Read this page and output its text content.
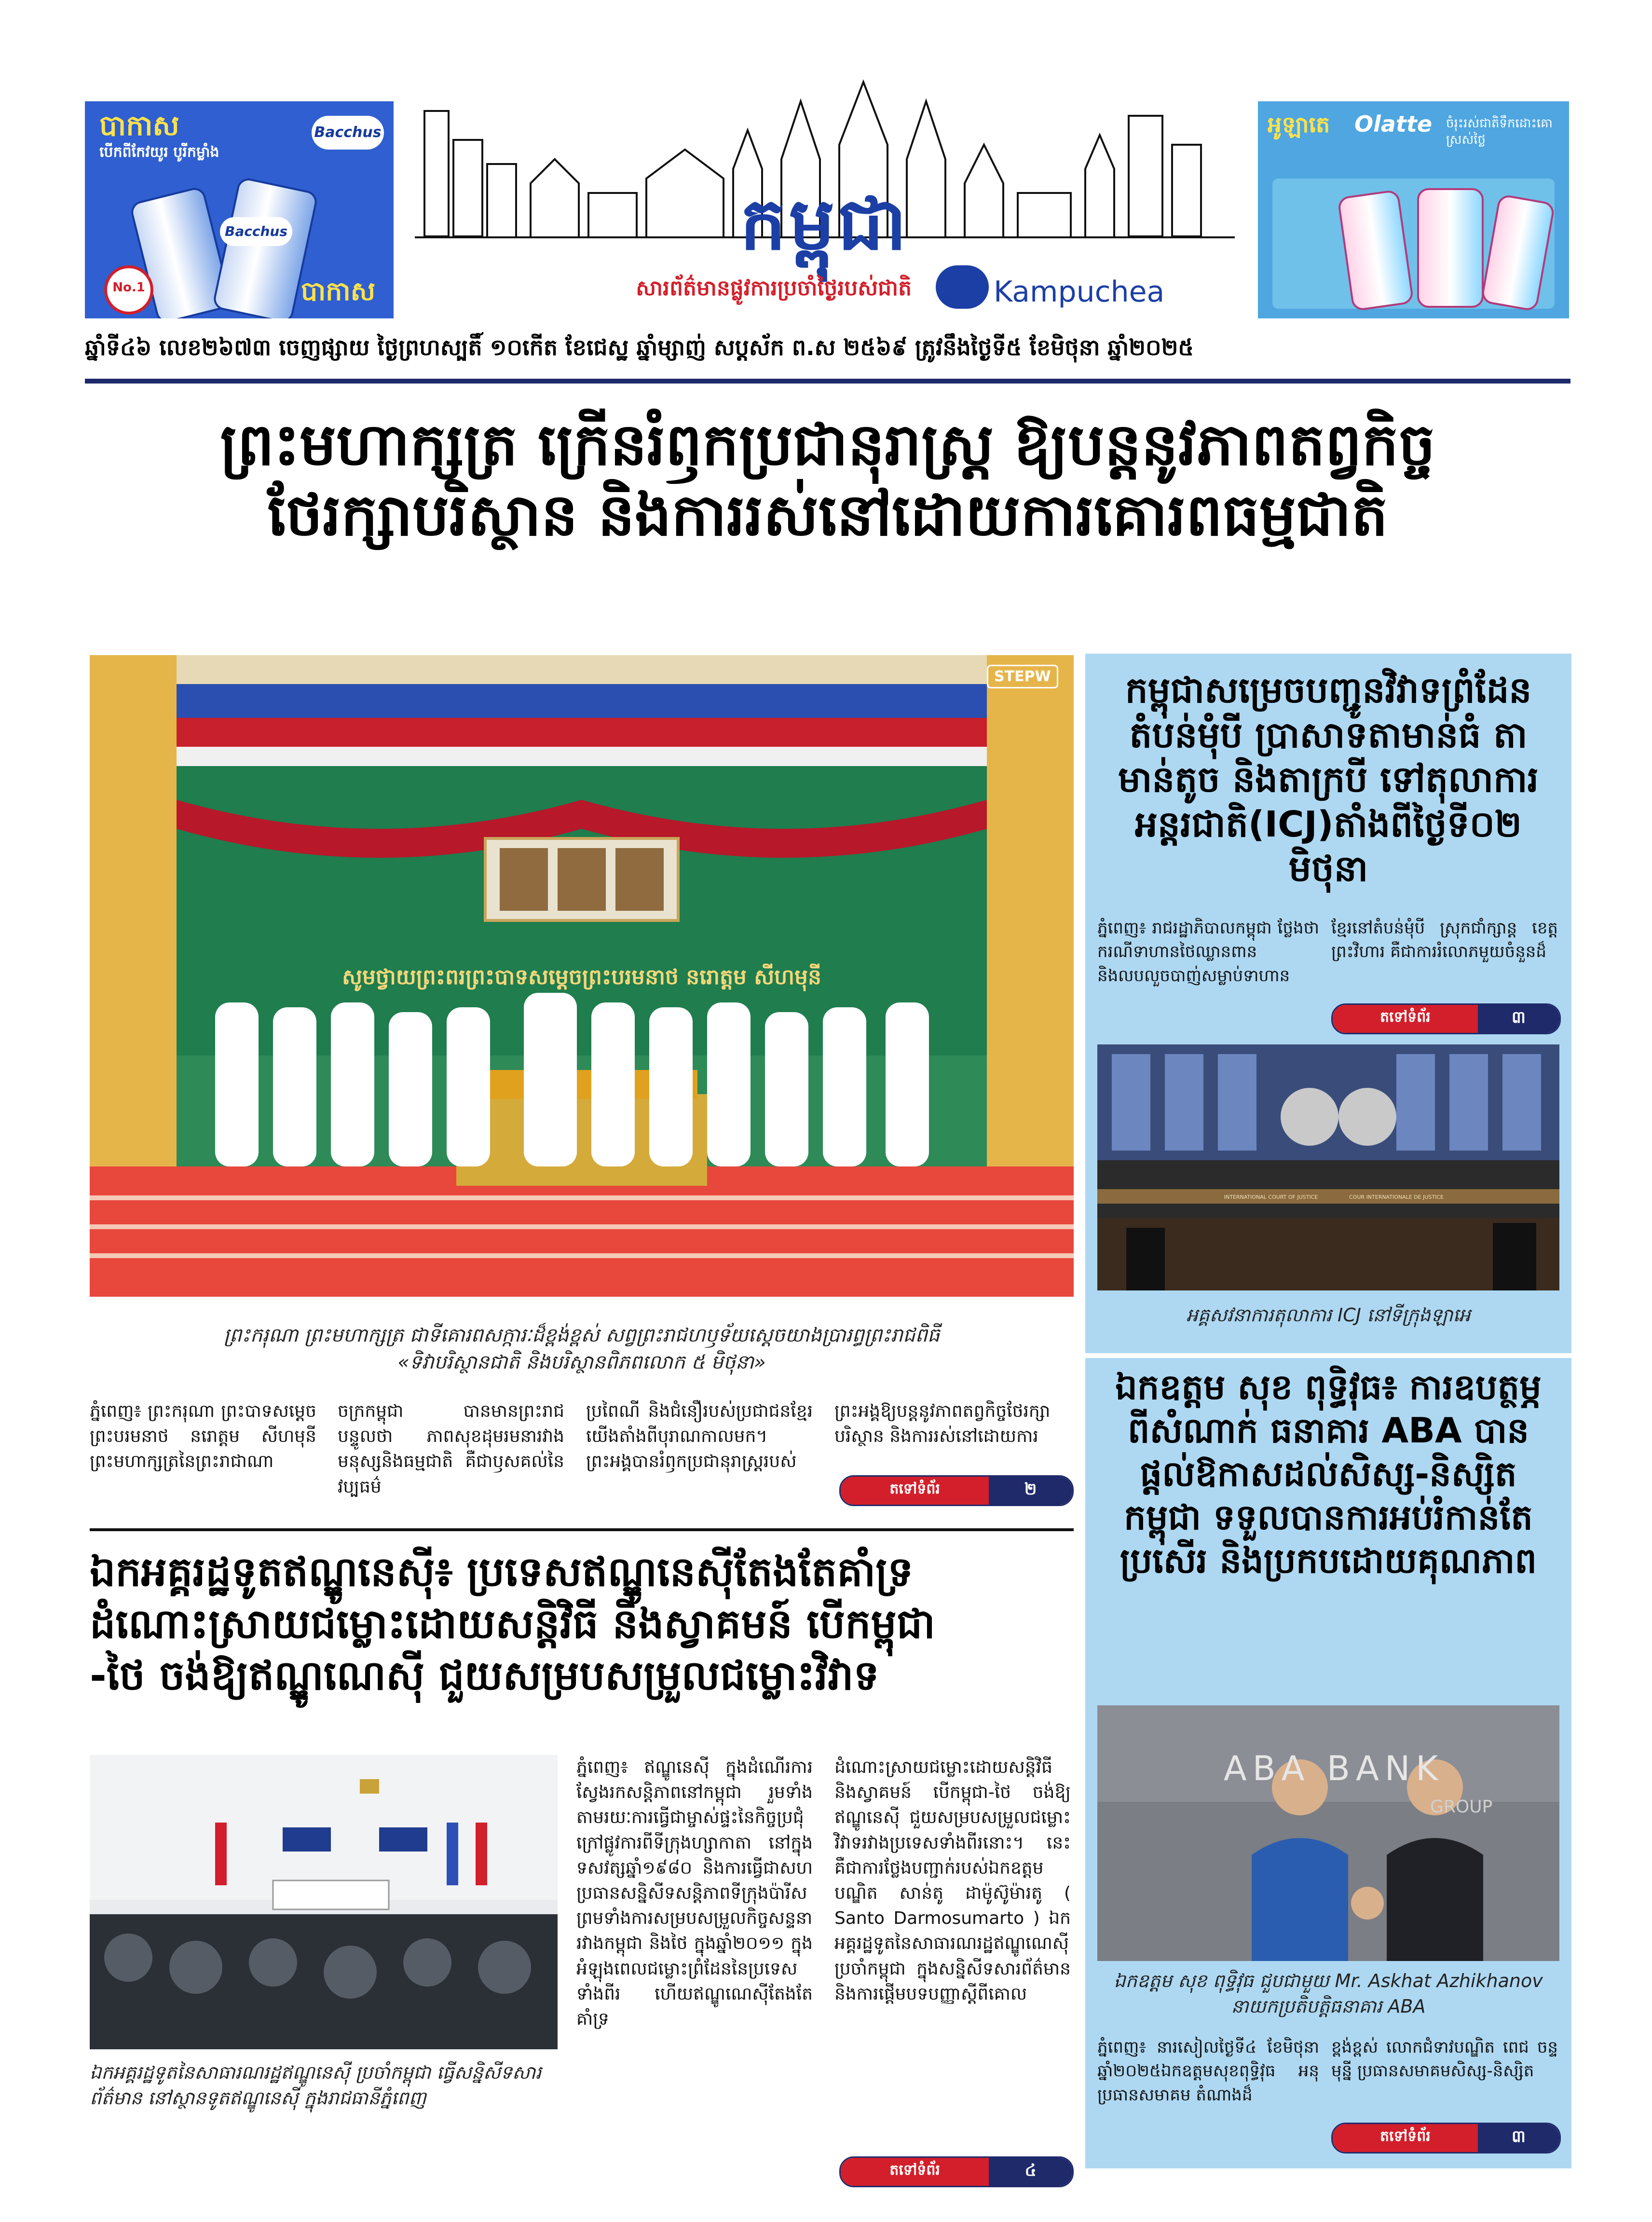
បាកាស
បើកពីកែវយូរ បូរីកម្លាំង
Bacchus
Bacchus
No.1	បាកាស
អូឡាតេ Olatte ចំរុះរស់ជាតិទឹកដោះគោ ស្រស់ថ្លៃ
កម្ពុជា
សារព័ត៌មានផ្លូវការប្រចាំថ្ងៃរបស់ជាតិ	Kampuchea
ឆ្នាំទី៤៦ លេខ២៦៧៣ ចេញផ្សាយ ថ្ងៃព្រហស្បតិ៍ ១០កើត ខែជេស្ឋ ឆ្នាំម្សាញ់ សប្តស័ក ព.ស ២៥៦៩ ត្រូវនឹងថ្ងៃទី៥ ខែមិថុនា ឆ្នាំ២០២៥
ព្រះមហាក្សត្រ ក្រើនរំឭកប្រជានុរាស្ត្រ ឱ្យបន្តនូវភាពតព្វកិច្ច
ថែរក្សាបរិស្ថាន និងការរស់នៅដោយការគោរពធម្មជាតិ
សូមថ្វាយព្រះពរព្រះបាទសម្តេចព្រះបរមនាថ នរោត្តម សីហមុនី
STEPW
ព្រះករុណា ព្រះមហាក្សត្រ ជាទីគោរពសក្ការៈដ៏ខ្ពង់ខ្ពស់ សព្វព្រះរាជហឫទ័យស្តេចយាងប្រារព្ធព្រះរាជពិធី
«ទិវាបរិស្ថានជាតិ និងបរិស្ថានពិភពលោក ៥ មិថុនា»
ភ្នំពេញ៖ ព្រះករុណា ព្រះបាទសម្តេចព្រះបរមនាថ នរោត្តម សីហមុនី ព្រះមហាក្សត្រនៃព្រះរាជាណា
ចក្រកម្ពុជា បានមានព្រះរាជបន្ទូលថា ភាពសុខដុមរមនារវាងមនុស្សនិងធម្មជាតិ គឺជាឫសគល់នៃវប្បធម៌
ប្រពៃណី និងជំនឿរបស់ប្រជាជនខ្មែរ យើងតាំងពីបុរាណកាលមក។ ព្រះអង្គបានរំឭកប្រជានុរាស្ត្ររបស់
ព្រះអង្គឱ្យបន្តនូវភាពតព្វកិច្ចថែរក្សាបរិស្ថាន និងការរស់នៅដោយការ
តទៅទំព័រ	២
ឯកអគ្គរដ្ឋទូតឥណ្ឌូនេស៊ី៖ ប្រទេសឥណ្ឌូនេស៊ីតែងតែគាំទ្រ
ដំណោះស្រាយជម្លោះដោយសន្តិវិធី និងស្វាគមន៍ បើកម្ពុជា
-ថៃ ចង់ឱ្យឥណ្ឌូណេស៊ី ជួយសម្របសម្រួលជម្លោះវិវាទ
ឯកអគ្គរដ្ឋទូតនៃសាធារណរដ្ឋឥណ្ឌូនេស៊ី ប្រចាំកម្ពុជា ធ្វើសន្និសីទសារព័ត៌មាន នៅស្ថានទូតឥណ្ឌូនេស៊ី ក្នុងរាជធានីភ្នំពេញ
ភ្នំពេញ៖ ឥណ្ឌូនេស៊ី ក្នុងដំណើរការស្វែងរកសន្តិភាពនៅកម្ពុជា រួមទាំងតាមរយៈការធ្វើជាម្ចាស់ផ្ទះនៃកិច្ចប្រជុំក្រៅផ្លូវការពីទីក្រុងហ្សាកាតា នៅក្នុងទសវត្សឆ្នាំ១៩៨០ និងការធ្វើជាសហប្រធានសន្និសីទសន្តិភាពទីក្រុងប៉ារីស ព្រមទាំងការសម្របសម្រួលកិច្ចសន្ទនារវាងកម្ពុជា និងថៃ ក្នុងឆ្នាំ២០១១ ក្នុងអំឡុងពេលជម្លោះព្រំដែននៃប្រទេសទាំងពីរ ហើយឥណ្ឌូណេស៊ីតែងតែគាំទ្រ
ដំណោះស្រាយជម្លោះដោយសន្តិវិធី និងស្វាគមន៍ បើកម្ពុជា-ថៃ ចង់ឱ្យឥណ្ឌូនេស៊ី ជួយសម្របសម្រួលជម្លោះវិវាទរវាងប្រទេសទាំងពីរនោះ។ នេះគឺជាការថ្លែងបញ្ជាក់របស់ឯកឧត្តមបណ្ឌិត សាន់តូ ដាម៉ូស៊ូម៉ារតូ ( Santo Darmosumarto ) ឯកអគ្គរដ្ឋទូតនៃសាធារណរដ្ឋឥណ្ឌូណេស៊ីប្រចាំកម្ពុជា ក្នុងសន្និសីទសារព័ត៌មាន និងការផ្តើមបទបញ្ញាស្ដីពីគោល
តទៅទំព័រ	៤
កម្ពុជាសម្រេចបញ្ជូនវិវាទព្រំដែន
តំបន់មុំបី ប្រាសាទតាមាន់ធំ តា
មាន់តូច និងតាក្របី ទៅតុលាការ
អន្តរជាតិ(ICJ)តាំងពីថ្ងៃទី០២ មិថុនា
ភ្នំពេញ៖ រាជរដ្ឋាភិបាលកម្ពុជា ថ្លែងថា ករណីទាហានថៃឈ្លានពាន និងលបលួចបាញ់សម្លាប់ទាហាន
ខ្មែរនៅតំបន់មុំបី ស្រុកជាំក្សាន្ត ខេត្តព្រះវិហារ គឺជាការរំលោភមួយចំនួនដ៏
តទៅទំព័រ	៣
INTERNATIONAL COURT OF JUSTICE	COUR INTERNATIONALE DE JUSTICE
អគ្គសវនាការតុលាការ ICJ នៅទីក្រុងឡាអេ
ឯកឧត្តម សុខ ពុទ្ធិវុធ៖ ការឧបត្ថម្ភ
ពីសំណាក់ ធនាគារ ABA បាន
ផ្តល់ឱកាសដល់សិស្ស-និស្សិត
កម្ពុជា ទទួលបានការអប់រំកាន់តែ
ប្រសើរ និងប្រកបដោយគុណភាព
ABA BANK
GROUP
ឯកឧត្តម សុខ ពុទ្ធិវុធ ជួបជាមួយ Mr. Askhat Azhikhanov
នាយកប្រតិបត្តិធនាគារ ABA
ភ្នំពេញ៖ នារសៀលថ្ងៃទី៤ ខែមិថុនាឆ្នាំ២០២៥ឯកឧត្តមសុខពុទ្ធិវុធ អនុប្រធានសមាគម តំណាងដ៏
ខ្ពង់ខ្ពស់ លោកជំទាវបណ្ឌិត ពេជ ចន្ទមុន្នី ប្រធានសមាគមសិស្ស-និស្សិត
តទៅទំព័រ	៣
